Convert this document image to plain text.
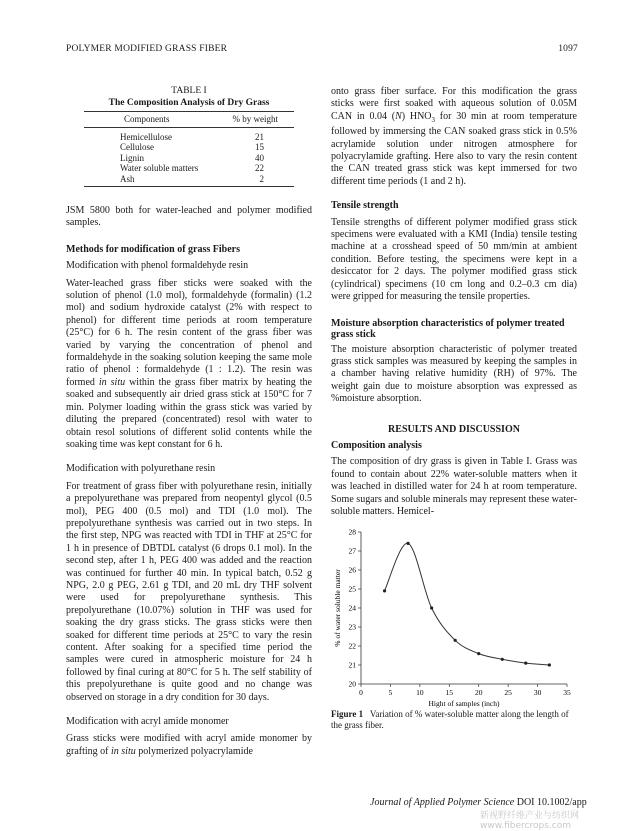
POLYMER MODIFIED GRASS FIBER	1097
TABLE I
The Composition Analysis of Dry Grass
Components	% by weight
Hemicellulose	21
Cellulose	15
Lignin	40
Water soluble matters	22
Ash	2

JSM 5800 both for water-leached and polymer modified samples.

Methods for modification of grass Fibers
Modification with phenol formaldehyde resin

Water-leached grass fiber sticks were soaked with the solution of phenol (1.0 mol), formaldehyde (formalin) (1.2 mol) and sodium hydroxide catalyst (2% with respect to phenol) for different time periods at room temperature (25°C) for 6 h. The resin content of the grass fiber was varied by varying the concentration of phenol and formaldehyde in the soaking solution keeping the same mole ratio of phenol : formaldehyde (1 : 1.2). The resin was formed in situ within the grass fiber matrix by heating the soaked and subsequently air dried grass stick at 150°C for 7 min. Polymer loading within the grass stick was varied by diluting the prepared (concentrated) resol with water to obtain resol solutions of different solid contents while the soaking time was kept constant for 6 h.

Modification with polyurethane resin

For treatment of grass fiber with polyurethane resin, initially a prepolyurethane was prepared from neopentyl glycol (0.5 mol), PEG 400 (0.5 mol) and TDI (1.0 mol). The prepolyurethane synthesis was carried out in two steps. In the first step, NPG was reacted with TDI in THF at 25°C for 1 h in presence of DBTDL catalyst (6 drops 0.1 mol). In the second step, after 1 h, PEG 400 was added and the reaction was continued for further 40 min. In typical batch, 0.52 g NPG, 2.0 g PEG, 2.61 g TDI, and 20 mL dry THF solvent were used for prepolyurethane synthesis. This prepolyurethane (10.07%) solution in THF was used for soaking the dry grass sticks. The grass sticks were then soaked for different time periods at 25°C to vary the resin content. After soaking for a specified time period the samples were cured in atmospheric moisture for 24 h followed by final curing at 80°C for 5 h. The self stability of this prepolyurethane is quite good and no change was observed on storage in a dry condition for 30 days.

Modification with acryl amide monomer

Grass sticks were modified with acryl amide monomer by grafting of in situ polymerized polyacrylamide

onto grass fiber surface. For this modification the grass sticks were first soaked with aqueous solution of 0.05M CAN in 0.04 (N) $HNO_3$ for 30 min at room temperature followed by immersing the CAN soaked grass stick in 0.5% acrylamide solution under nitrogen atmosphere for polyacrylamide grafting. Here also to vary the resin content the CAN treated grass stick was kept immersed for two different time periods (1 and 2 h).

Tensile strength

Tensile strengths of different polymer modified grass stick specimens were evaluated with a KMI (India) tensile testing machine at a crosshead speed of 50 mm/min at ambient condition. Before testing, the specimens were kept in a desiccator for 2 days. The polymer modified grass stick (cylindrical) specimens (10 cm long and 0.2–0.3 cm dia) were gripped for measuring the tensile properties.

Moisture absorption characteristics of polymer treated grass stick

The moisture absorption characteristic of polymer treated grass stick samples was measured by keeping the samples in a chamber having relative humidity (RH) of 97%. The weight gain due to moisture absorption was expressed as %moisture absorption.

RESULTS AND DISCUSSION
Composition analysis

The composition of dry grass is given in Table I. Grass was found to contain about 22% water-soluble matters when it was leached in distilled water for 24 h at room temperature. Some sugars and soluble minerals may represent these water-soluble matters. Hemicel-

0	5	10	15	20	25	30	35
20
21
22
23
24
25
26
27
28
Hight of samples (inch)
% of water soluble matter
Figure 1 Variation of % water-soluble matter along the length of the grass fiber.
Journal of Applied Polymer Science DOI 10.1002/app
新视野纤维产业与纺织网 www.fibercrops.com
